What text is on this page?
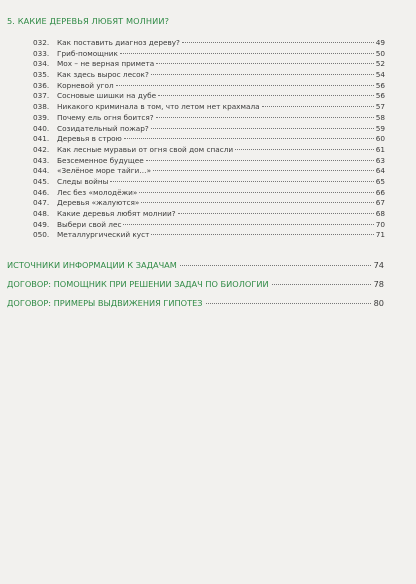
5. КАКИЕ ДЕРЕВЬЯ ЛЮБЯТ МОЛНИИ?
032.	Как поставить диагноз дереву?	49
033.	Гриб-помощник	50
034.	Мох – не верная примета	52
035.	Как здесь вырос лесок?	54
036.	Корневой угол	56
037.	Сосновые шишки на дубе	56
038.	Никакого криминала в том, что летом нет крахмала	57
039.	Почему ель огня боится?	58
040.	Созидательный пожар?	59
041.	Деревья в строю	60
042.	Как лесные муравьи от огня свой дом спасли	61
043.	Безсеменное будущее	63
044.	«Зелёное море тайги…»	64
045.	Следы войны	65
046.	Лес без «молодёжи»	66
047.	Деревья «жалуются»	67
048.	Какие деревья любят молнии?	68
049.	Выбери свой лес	70
050.	Металлургический куст	71
ИСТОЧНИКИ ИНФОРМАЦИИ К ЗАДАЧАМ	74
ДОГОВОР: ПОМОЩНИК ПРИ РЕШЕНИИ ЗАДАЧ ПО БИОЛОГИИ	78
ДОГОВОР: ПРИМЕРЫ ВЫДВИЖЕНИЯ ГИПОТЕЗ	80
